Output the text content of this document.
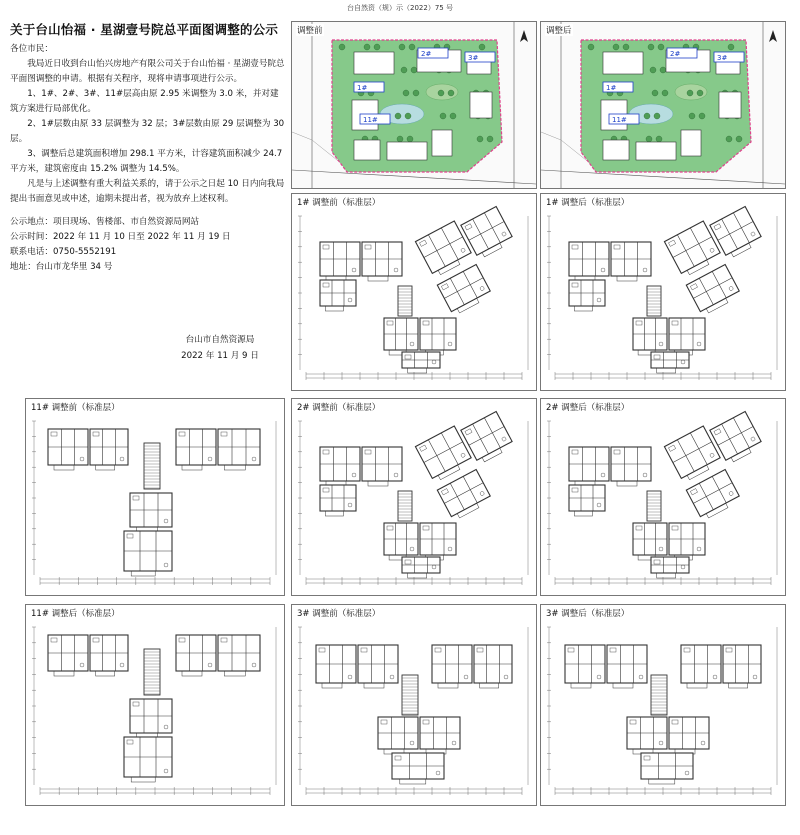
台自然资（规）示（2022）75 号
关于台山怡福 · 星湖壹号院总平面图调整的公示

各位市民：

我局近日收到台山怡兴房地产有限公司关于台山怡福 · 星湖壹号院总平面图调整的申请。根据有关程序，现将申请事项进行公示。

1、1#、2#、3#、11#层高由原 2.95 米调整为 3.0 米，并对建筑方案进行局部优化。

2、1#层数由原 33 层调整为 32 层；3#层数由原 29 层调整为 30 层。

3、调整后总建筑面积增加 298.1 平方米，计容建筑面积减少 24.7 平方米，建筑密度由 15.2% 调整为 14.5%。

凡是与上述调整有重大利益关系的，请于公示之日起 10 日内向我局提出书面意见或申述，逾期未提出者，视为放弃上述权利。

公示地点：项目现场、售楼部、市自然资源局网站

公示时间：2022 年 11 月 10 日至 2022 年 11 月 19 日

联系电话：0750-5552191

地址：台山市龙华里 34 号

台山市自然资源局
2022 年 11 月 9 日
调整前
2#	3#
1#
11#
调整后
2#	3#
1#
11#
1# 调整前（标准层）	1# 调整后（标准层）
11# 调整前（标准层）	2# 调整前（标准层）	2# 调整后（标准层）
11# 调整后（标准层）	3# 调整前（标准层）	3# 调整后（标准层）
